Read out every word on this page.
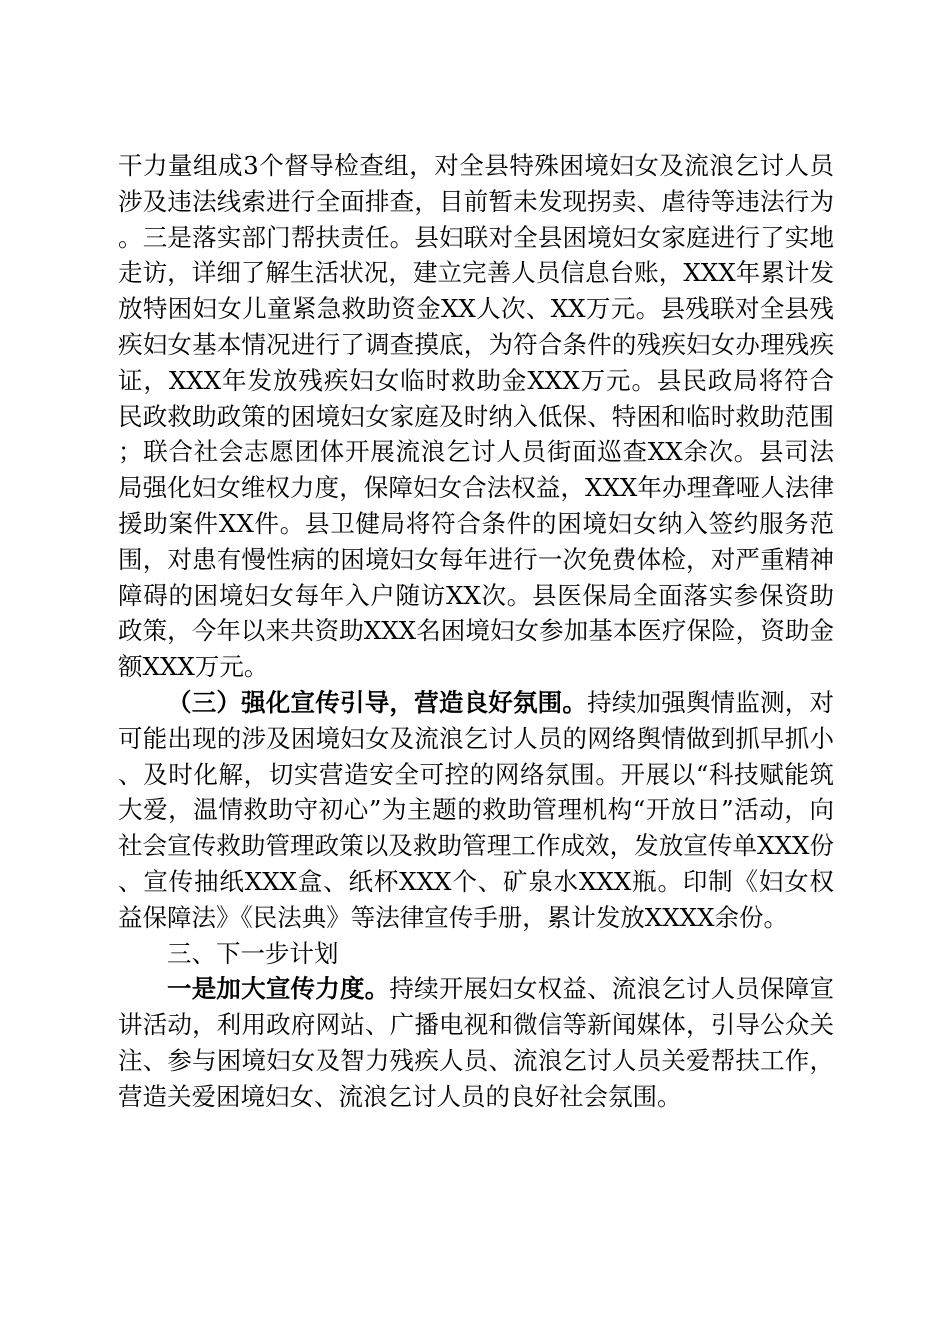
干力量组成3个督导检查组，对全县特殊困境妇女及流浪乞讨人员涉及违法线索进行全面排查，目前暂未发现拐卖、虐待等违法行为。三是落实部门帮扶责任。县妇联对全县困境妇女家庭进行了实地走访，详细了解生活状况，建立完善人员信息台账，XXX年累计发放特困妇女儿童紧急救助资金XX人次、XX万元。县残联对全县残疾妇女基本情况进行了调查摸底，为符合条件的残疾妇女办理残疾证，XXX年发放残疾妇女临时救助金XXX万元。县民政局将符合民政救助政策的困境妇女家庭及时纳入低保、特困和临时救助范围；联合社会志愿团体开展流浪乞讨人员街面巡查XX余次。县司法局强化妇女维权力度，保障妇女合法权益，XXX年办理聋哑人法律援助案件XX件。县卫健局将符合条件的困境妇女纳入签约服务范围，对患有慢性病的困境妇女每年进行一次免费体检，对严重精神障碍的困境妇女每年入户随访XX次。县医保局全面落实参保资助政策，今年以来共资助XXX名困境妇女参加基本医疗保险，资助金额XXX万元。

（三）强化宣传引导，营造良好氛围。持续加强舆情监测，对可能出现的涉及困境妇女及流浪乞讨人员的网络舆情做到抓早抓小、及时化解，切实营造安全可控的网络氛围。开展以“科技赋能筑大爱，温情救助守初心”为主题的救助管理机构“开放日”活动，向社会宣传救助管理政策以及救助管理工作成效，发放宣传单XXX份、宣传抽纸XXX盒、纸杯XXX个、矿泉水XXX瓶。印制《妇女权益保障法》《民法典》等法律宣传手册，累计发放XXXX余份。

三、下一步计划

一是加大宣传力度。持续开展妇女权益、流浪乞讨人员保障宣讲活动，利用政府网站、广播电视和微信等新闻媒体，引导公众关注、参与困境妇女及智力残疾人员、流浪乞讨人员关爱帮扶工作，营造关爱困境妇女、流浪乞讨人员的良好社会氛围。
